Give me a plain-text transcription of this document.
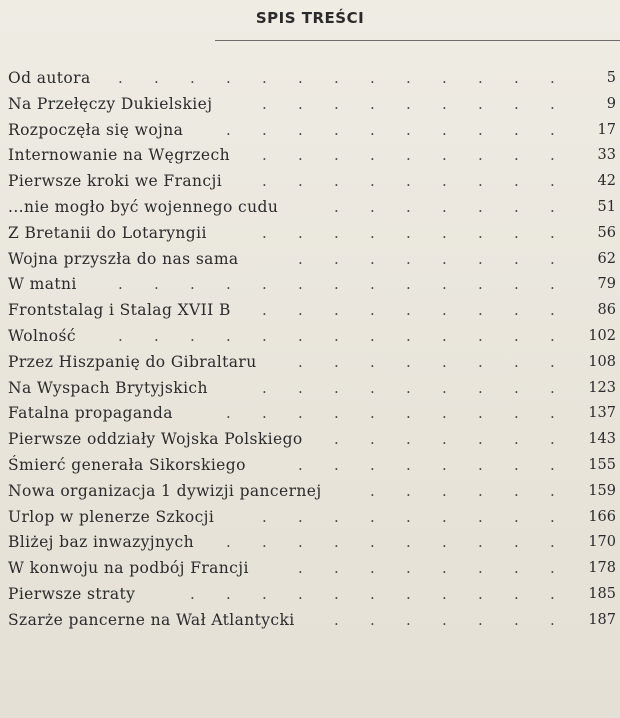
SPIS TREŚCI
Od autora . . . . . . . . . . . . .	5
Na Przełęczy Dukielskiej	. . . . . . . . .	9
Rozpoczęła się wojna	. . . . . . . . . .	17
Internowanie na Węgrzech . . . . . . . . .	33
Pierwsze kroki we Francji	. . . . . . . . .	42
...nie mogło być wojennego cudu	. . . . . . .	51
Z Bretanii do Lotaryngii	. . . . . . . . .	56
Wojna przyszła do nas sama	. . . . . . . .	62
W matni	. . . . . . . . . . . . .	79
Frontstalag i Stalag XVII B . . . . . . . . .	86
Wolność	. . . . . . . . . . . . .	102
Przez Hiszpanię do Gibraltaru	. . . . . . . .	108
Na Wyspach Brytyjskich	. . . . . . . . .	123
Fatalna propaganda	. . . . . . . . . .	137
Pierwsze oddziały Wojska Polskiego . . . . . . .	143
Śmierć generała Sikorskiego	. . . . . . . .	155
Nowa organizacja 1 dywizji pancernej	. . . . . .	159
Urlop w plenerze Szkocji	. . . . . . . . .	166
Bliżej baz inwazyjnych . . . . . . . . . .	170
W konwoju na podbój Francji	. . . . . . . .	178
Pierwsze straty	. . . . . . . . . . .	185
Szarże pancerne na Wał Atlantycki	. . . . . . .	187
